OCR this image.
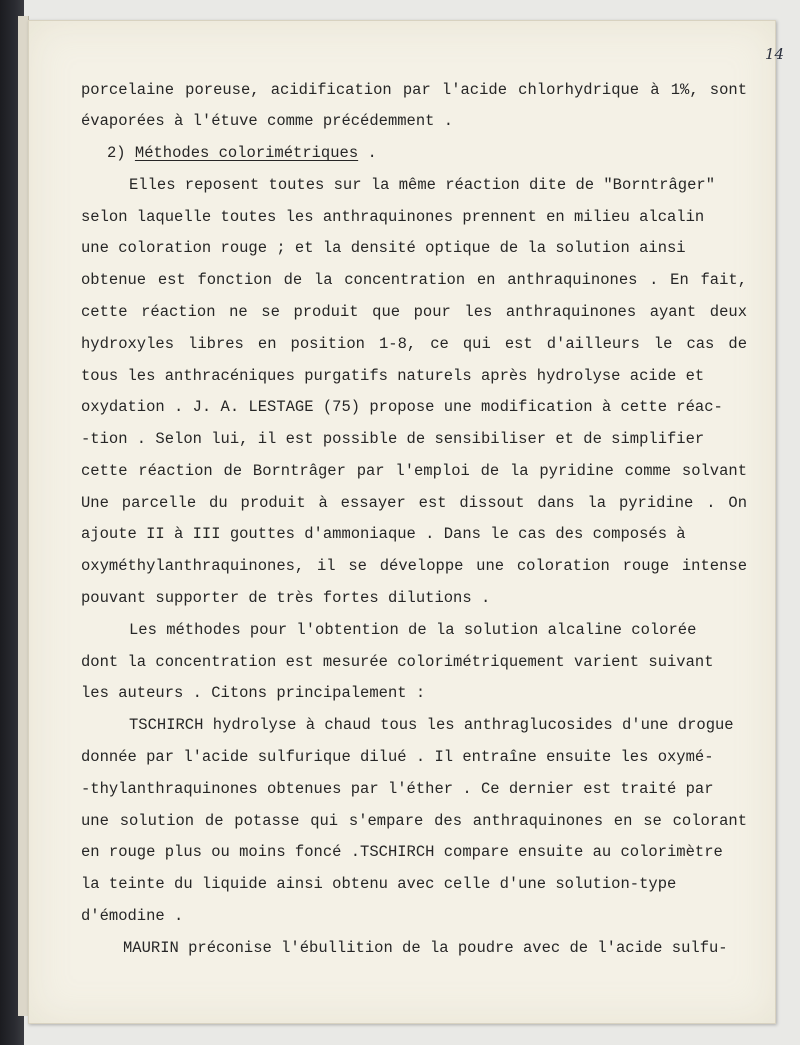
14
porcelaine poreuse, acidification par l'acide chlorhydrique à 1%, sont
évaporées à l'étuve comme précédemment .
2) Méthodes colorimétriques .
Elles reposent toutes sur la même réaction dite de "Borntrâger"
selon laquelle toutes les anthraquinones prennent en milieu alcalin
une coloration rouge ; et la densité optique de la solution ainsi
obtenue est fonction de la concentration en anthraquinones . En fait,
cette réaction ne se produit que pour les anthraquinones ayant deux
hydroxyles libres en position 1-8, ce qui est d'ailleurs le cas de
tous les anthracéniques purgatifs naturels après hydrolyse acide et
oxydation . J. A. LESTAGE (75) propose une modification à cette réac-
-tion . Selon lui, il est possible de sensibiliser et de simplifier
cette réaction de Borntrâger par l'emploi de la pyridine comme solvant
Une parcelle du produit à essayer est dissout dans la pyridine . On
ajoute II à III gouttes d'ammoniaque . Dans le cas des composés à
oxyméthylanthraquinones, il se développe une coloration rouge intense
pouvant supporter de très fortes dilutions .
Les méthodes pour l'obtention de la solution alcaline colorée
dont la concentration est mesurée colorimétriquement varient suivant
les auteurs . Citons principalement :
TSCHIRCH hydrolyse à chaud tous les anthraglucosides d'une drogue
donnée par l'acide sulfurique dilué . Il entraîne ensuite les oxymé-
-thylanthraquinones obtenues par l'éther . Ce dernier est traité par
une solution de potasse qui s'empare des anthraquinones en se colorant
en rouge plus ou moins foncé .TSCHIRCH compare ensuite au colorimètre
la teinte du liquide ainsi obtenu avec celle d'une solution-type
d'émodine .
MAURIN préconise l'ébullition de la poudre avec de l'acide sulfu-
